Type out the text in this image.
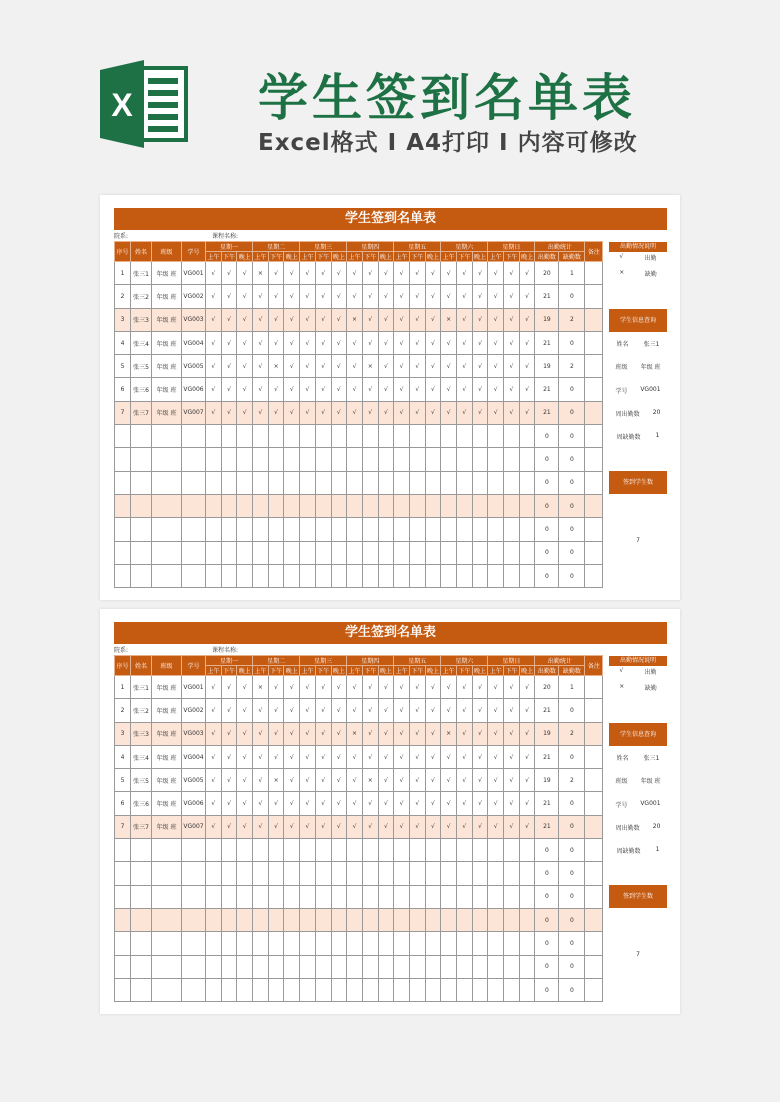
X	学生签到名单表
Excel格式 I A4打印 I 内容可修改
学生签到名单表
院系:	课程名称:
序号	姓名	班级	学号	星期一			星期二			星期三			星期四			星期五			星期六			星期日			出勤统计		备注
				上午	下午	晚上	上午	下午	晚上	上午	下午	晚上	上午	下午	晚上	上午	下午	晚上	上午	下午	晚上	上午	下午	晚上	出勤数	缺勤数	
1	张三1	年级 班	VG001	√	√	√	×	√	√	√	√	√	√	√	√	√	√	√	√	√	√	√	√	√	20	1	
2	张三2	年级 班	VG002	√	√	√	√	√	√	√	√	√	√	√	√	√	√	√	√	√	√	√	√	√	21	0	
3	张三3	年级 班	VG003	√	√	√	√	√	√	√	√	√	×	√	√	√	√	√	×	√	√	√	√	√	19	2	
4	张三4	年级 班	VG004	√	√	√	√	√	√	√	√	√	√	√	√	√	√	√	√	√	√	√	√	√	21	0	
5	张三5	年级 班	VG005	√	√	√	√	×	√	√	√	√	√	×	√	√	√	√	√	√	√	√	√	√	19	2	
6	张三6	年级 班	VG006	√	√	√	√	√	√	√	√	√	√	√	√	√	√	√	√	√	√	√	√	√	21	0	
7	张三7	年级 班	VG007	√	√	√	√	√	√	√	√	√	√	√	√	√	√	√	√	√	√	√	√	√	21	0	
																									0	0	
																									0	0	
																									0	0	
																									0	0	
																									0	0	
																									0	0	
																									0	0	
出勤情况说明
√	出勤
×	缺勤
学生信息查询
姓名	张三1
班级 年级 班
学号 VG001
周出勤数 20
周缺勤数	1
签到学生数
7
学生签到名单表
院系:	课程名称:
序号	姓名	班级	学号	星期一			星期二			星期三			星期四			星期五			星期六			星期日			出勤统计		备注
				上午	下午	晚上	上午	下午	晚上	上午	下午	晚上	上午	下午	晚上	上午	下午	晚上	上午	下午	晚上	上午	下午	晚上	出勤数	缺勤数	
1	张三1	年级 班	VG001	√	√	√	×	√	√	√	√	√	√	√	√	√	√	√	√	√	√	√	√	√	20	1	
2	张三2	年级 班	VG002	√	√	√	√	√	√	√	√	√	√	√	√	√	√	√	√	√	√	√	√	√	21	0	
3	张三3	年级 班	VG003	√	√	√	√	√	√	√	√	√	×	√	√	√	√	√	×	√	√	√	√	√	19	2	
4	张三4	年级 班	VG004	√	√	√	√	√	√	√	√	√	√	√	√	√	√	√	√	√	√	√	√	√	21	0	
5	张三5	年级 班	VG005	√	√	√	√	×	√	√	√	√	√	×	√	√	√	√	√	√	√	√	√	√	19	2	
6	张三6	年级 班	VG006	√	√	√	√	√	√	√	√	√	√	√	√	√	√	√	√	√	√	√	√	√	21	0	
7	张三7	年级 班	VG007	√	√	√	√	√	√	√	√	√	√	√	√	√	√	√	√	√	√	√	√	√	21	0	
																									0	0	
																									0	0	
																									0	0	
																									0	0	
																									0	0	
																									0	0	
																									0	0	
出勤情况说明
√	出勤
×	缺勤
学生信息查询
姓名	张三1
班级 年级 班
学号 VG001
周出勤数 20
周缺勤数	1
签到学生数
7
